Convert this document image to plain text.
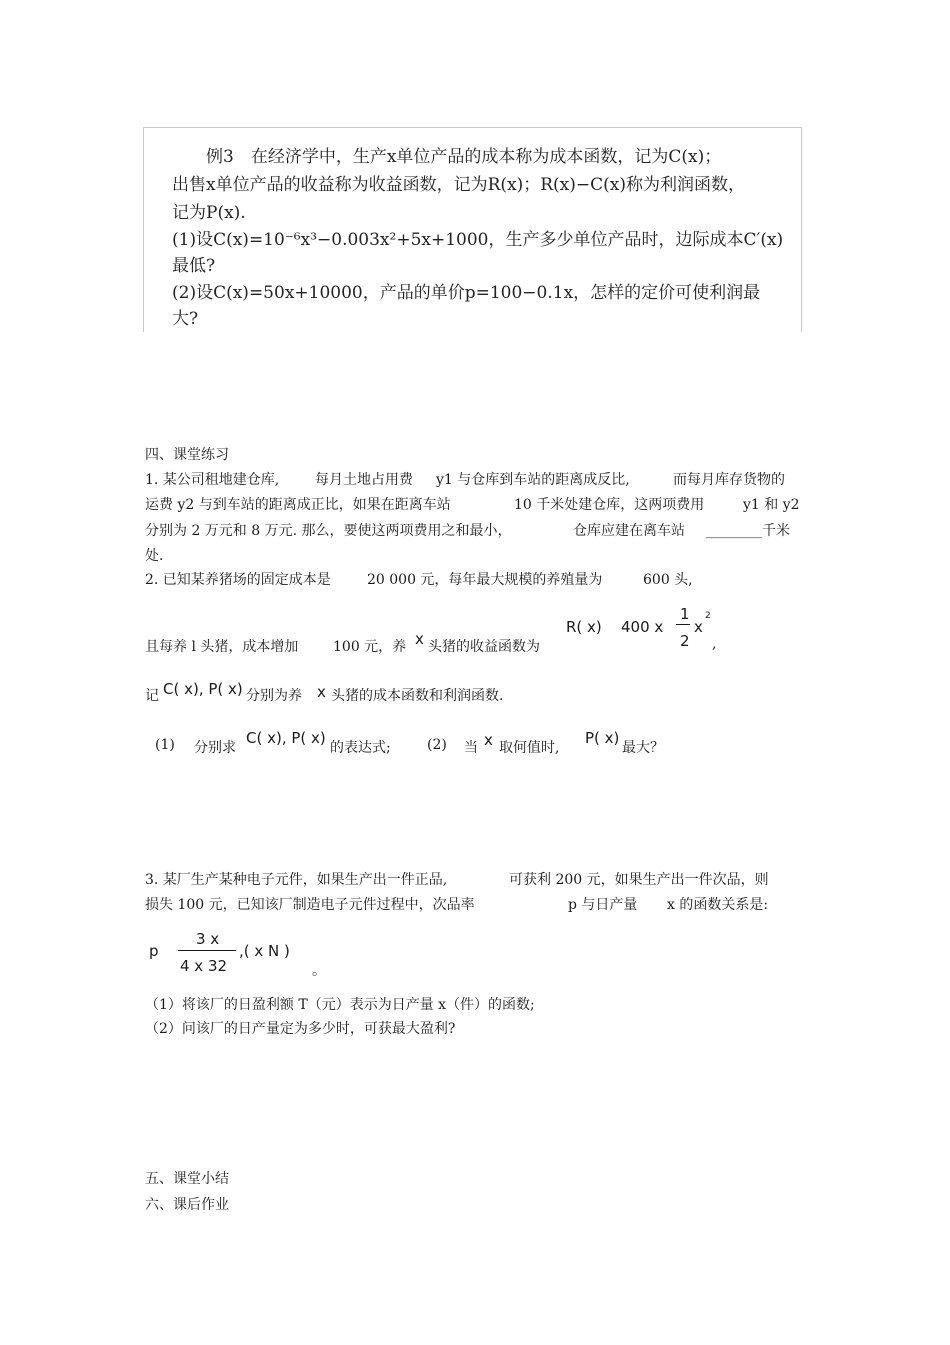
例3　在经济学中，生产x单位产品的成本称为成本函数，记为C(x)；
出售x单位产品的收益称为收益函数，记为R(x)；R(x)−C(x)称为利润函数，
记为P(x).
(1)设C(x)=10⁻⁶x³−0.003x²+5x+1000，生产多少单位产品时，边际成本C′(x)
最低?
(2)设C(x)=50x+10000，产品的单价p=100−0.1x，怎样的定价可使利润最
大?
四、课堂练习
1. 某公司租地建仓库,	每月土地占用费 y1 与仓库到车站的距离成反比,	而每月库存货物的
运费 y2 与到车站的距离成正比，如果在距离车站	10 千米处建仓库，这两项费用	y1 和 y2
分别为 2 万元和 8 万元. 那么，要使这两项费用之和最小，	仓库应建在离车站 ________千米
处.
2. 已知某养猪场的固定成本是	20 000 元，每年最大规模的养殖量为	600 头,
且每养 l 头猪，成本增加 100 元，养 x 头猪的收益函数为
R( x) 400 x
1
2
x
2
,
记 C( x), P( x) 分别为养 x 头猪的成本函数和利润函数.
(1) 分别求
C( x), P( x)
的表达式;	(2) 当 x 取何值时,
P( x)
最大？
3. 某厂生产某种电子元件，如果生产出一件正品,	可获利 200 元，如果生产出一件次品，则
损失 100 元，已知该厂制造电子元件过程中，次品率	p 与日产量 x 的函数关系是:
p
3 x
4 x 32
,( x N )
。
（1）将该厂的日盈利额 T（元）表示为日产量 x（件）的函数;
（2）问该厂的日产量定为多少时，可获最大盈利?
五、课堂小结
六、课后作业
